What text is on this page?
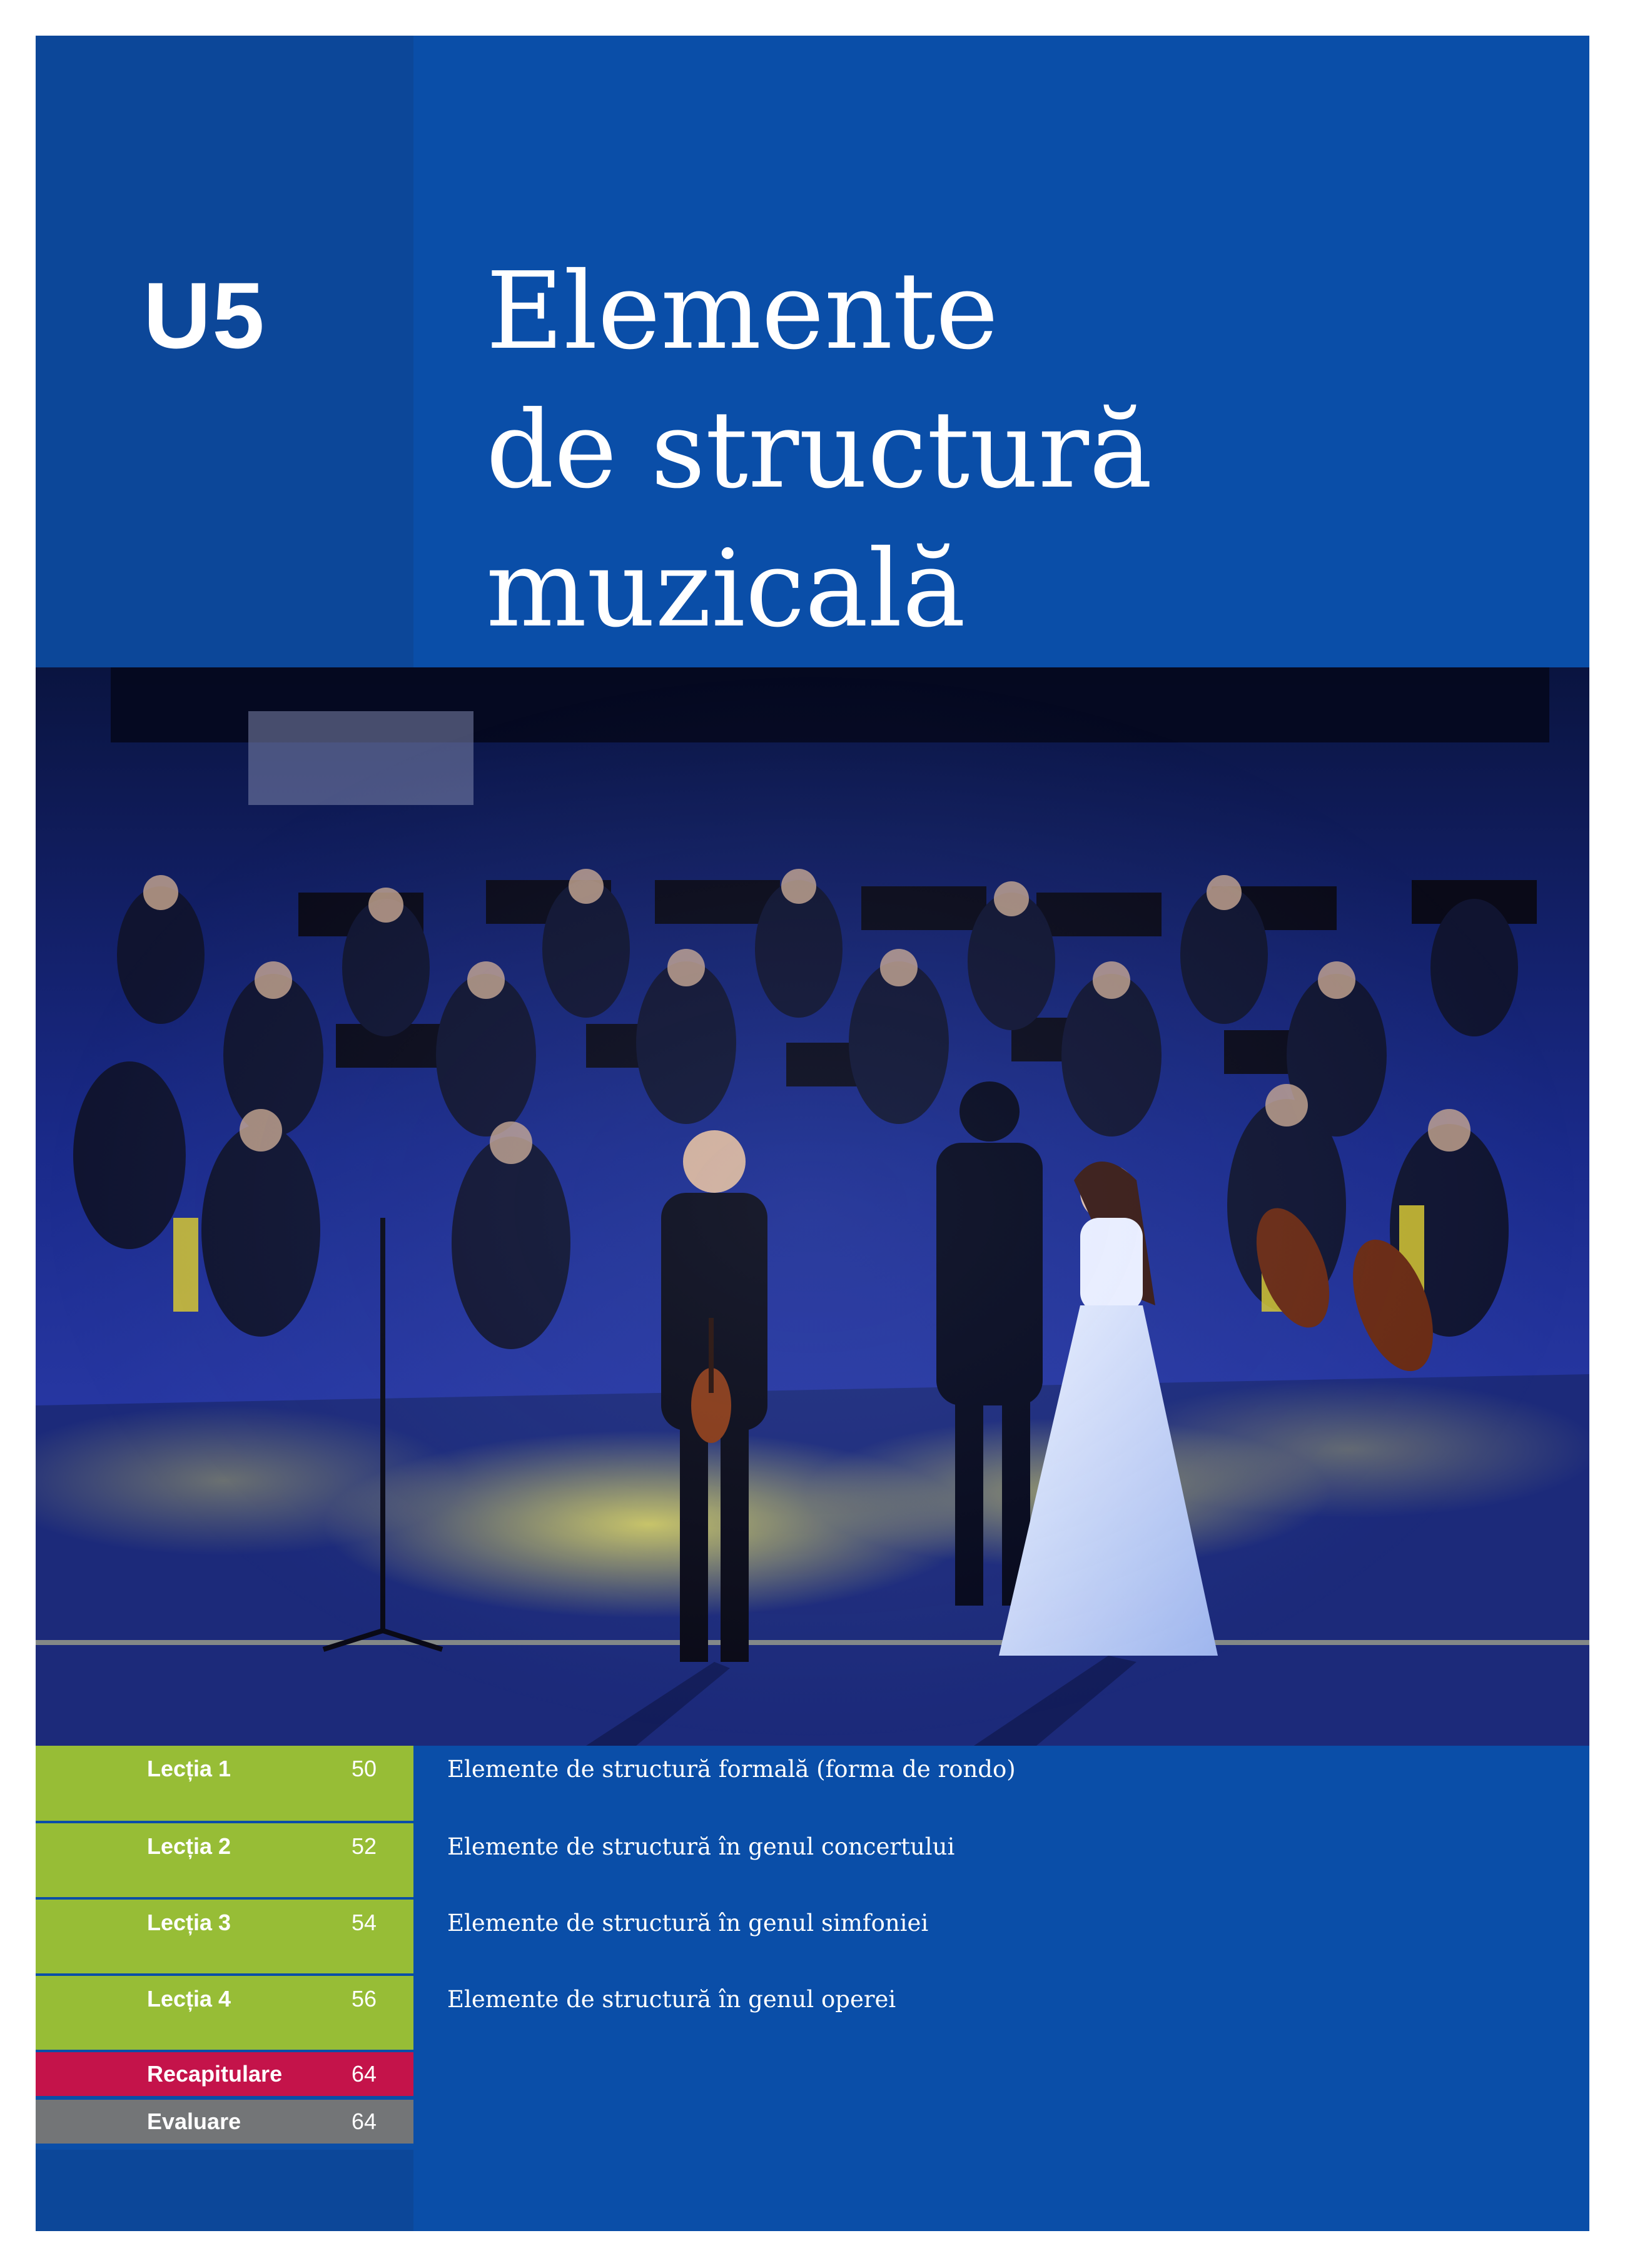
U5 Elemente
de structură
muzicală
Lecția 1	50	Elemente de structură formală (forma de rondo)
Lecția 2	52	Elemente de structură în genul concertului
Lecția 3	54	Elemente de structură în genul simfoniei
Lecția 4	56	Elemente de structură în genul operei
Recapitulare	64
Evaluare	64
